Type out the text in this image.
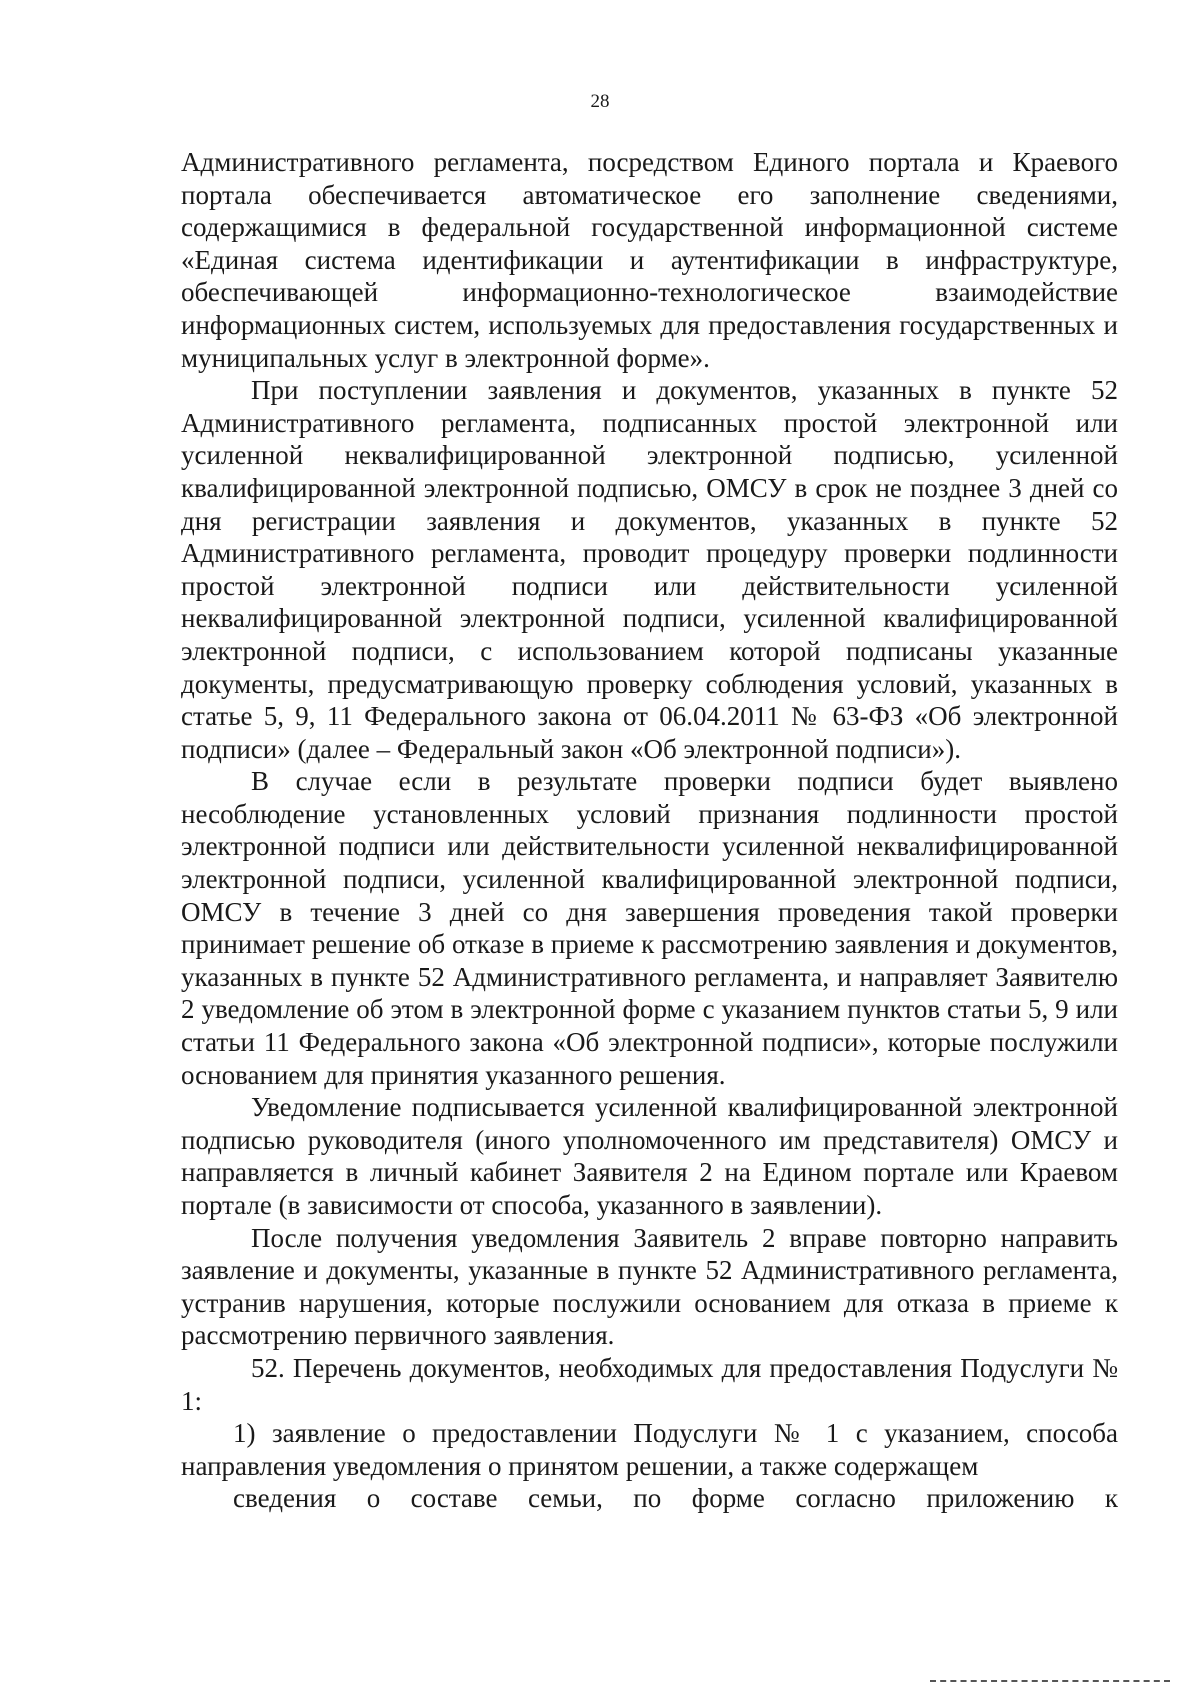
28

Административного регламента, посредством Единого портала и Краевого портала обеспечивается автоматическое его заполнение сведениями, содержащимися в федеральной государственной информационной системе «Единая система идентификации и аутентификации в инфраструктуре, обеспечивающей информационно-технологическое взаимодействие информационных систем, используемых для предоставления государственных и муниципальных услуг в электронной форме».

При поступлении заявления и документов, указанных в пункте 52 Административного регламента, подписанных простой электронной или усиленной неквалифицированной электронной подписью, усиленной квалифицированной электронной подписью, ОМСУ в срок не позднее 3 дней со дня регистрации заявления и документов, указанных в пункте 52 Административного регламента, проводит процедуру проверки подлинности простой электронной подписи или действительности усиленной неквалифицированной электронной подписи, усиленной квалифицированной электронной подписи, с использованием которой подписаны указанные документы, предусматривающую проверку соблюдения условий, указанных в статье 5, 9, 11 Федерального закона от 06.04.2011 № 63-ФЗ «Об электронной подписи» (далее – Федеральный закон «Об электронной подписи»).

В случае если в результате проверки подписи будет выявлено несоблюдение установленных условий признания подлинности простой электронной подписи или действительности усиленной неквалифицированной электронной подписи, усиленной квалифицированной электронной подписи, ОМСУ в течение 3 дней со дня завершения проведения такой проверки принимает решение об отказе в приеме к рассмотрению заявления и документов, указанных в пункте 52 Административного регламента, и направляет Заявителю 2 уведомление об этом в электронной форме с указанием пунктов статьи 5, 9 или статьи 11 Федерального закона «Об электронной подписи», которые послужили основанием для принятия указанного решения.

Уведомление подписывается усиленной квалифицированной электронной подписью руководителя (иного уполномоченного им представителя) ОМСУ и направляется в личный кабинет Заявителя 2 на Едином портале или Краевом портале (в зависимости от способа, указанного в заявлении).

После получения уведомления Заявитель 2 вправе повторно направить заявление и документы, указанные в пункте 52 Административного регламента, устранив нарушения, которые послужили основанием для отказа в приеме к рассмотрению первичного заявления.

52. Перечень документов, необходимых для предоставления Подуслуги № 1:

1) заявление о предоставлении Подуслуги № 1 с указанием, способа направления уведомления о принятом решении, а также содержащем
сведения о составе семьи, по форме согласно приложению к
